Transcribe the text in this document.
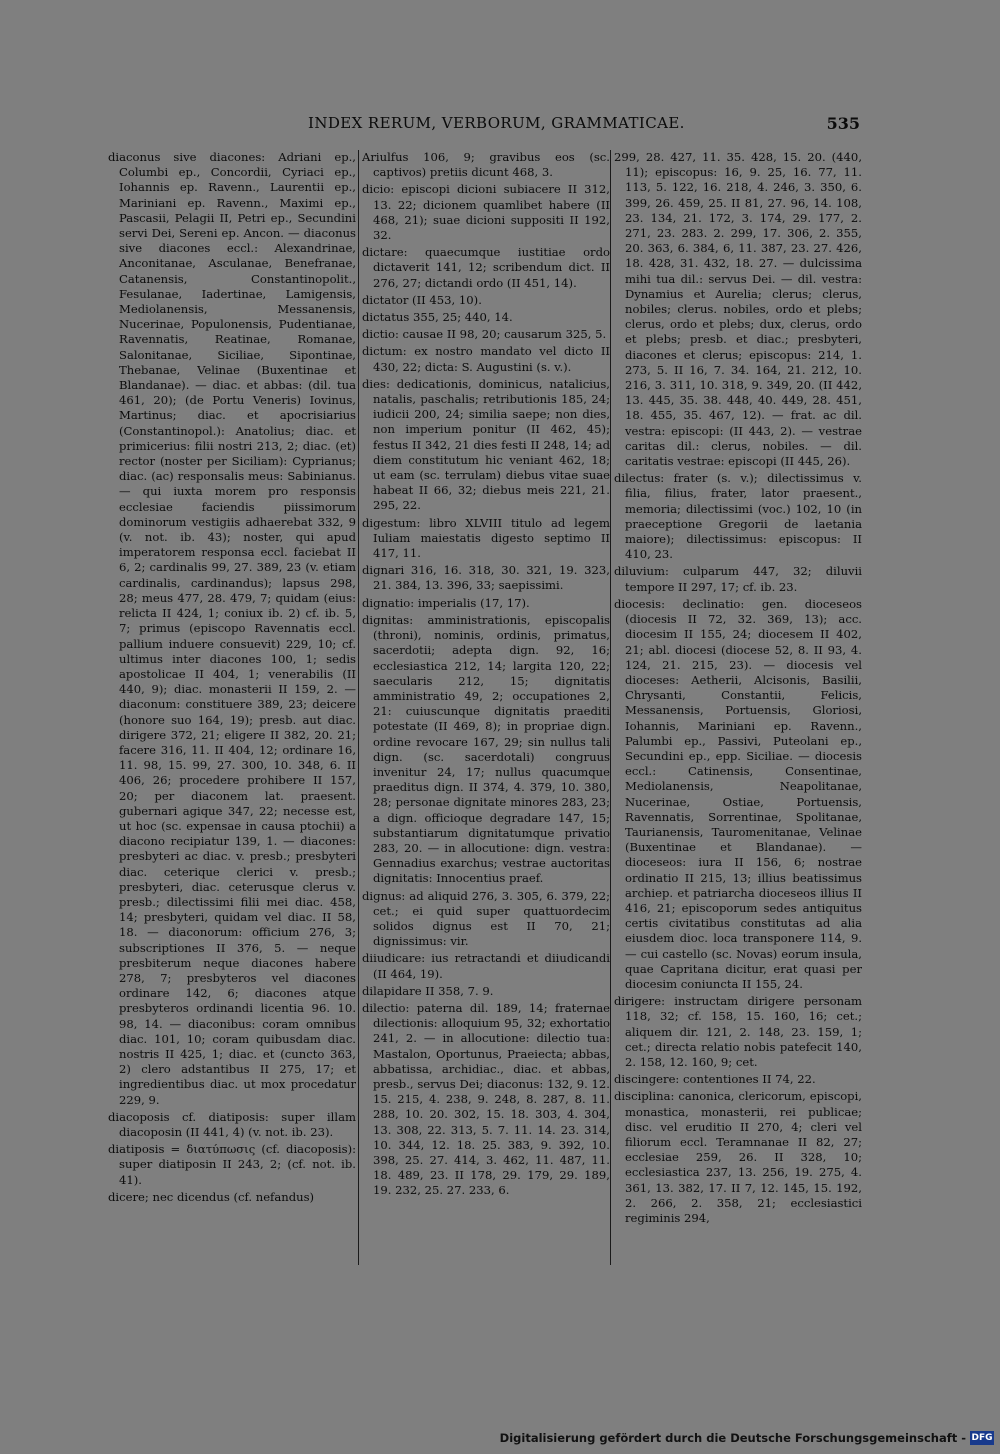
INDEX RERUM, VERBORUM, GRAMMATICAE.	535

diaconus sive diacones: Adriani ep., Columbi ep., Concordii, Cyriaci ep., Iohannis ep. Ravenn., Laurentii ep., Mariniani ep. Ravenn., Maximi ep., Pascasii, Pelagii II, Petri ep., Secundini servi Dei, Sereni ep. Ancon. — diaconus sive diacones eccl.: Alexandrinae, Anconitanae, Asculanae, Benefranae, Catanensis, Constantinopolit., Fesulanae, Iadertinae, Lamigensis, Mediolanensis, Messanensis, Nucerinae, Populonensis, Pudentianae, Ravennatis, Reatinae, Romanae, Salonitanae, Siciliae, Sipontinae, Thebanae, Velinae (Buxentinae et Blandanae). — diac. et abbas: (dil. tua 461, 20); (de Portu Veneris) Iovinus, Martinus; diac. et apocrisiarius (Constantinopol.): Anatolius; diac. et primicerius: filii nostri 213, 2; diac. (et) rector (noster per Siciliam): Cyprianus; diac. (ac) responsalis meus: Sabinianus. — qui iuxta morem pro responsis ecclesiae faciendis piissimorum dominorum vestigiis adhaerebat 332, 9 (v. not. ib. 43); noster, qui apud imperatorem responsa eccl. faciebat II 6, 2; cardinalis 99, 27. 389, 23 (v. etiam cardinalis, cardinandus); lapsus 298, 28; meus 477, 28. 479, 7; quidam (eius: relicta II 424, 1; coniux ib. 2) cf. ib. 5, 7; primus (episcopo Ravennatis eccl. pallium induere consuevit) 229, 10; cf. ultimus inter diacones 100, 1; sedis apostolicae II 404, 1; venerabilis (II 440, 9); diac. monasterii II 159, 2. — diaconum: constituere 389, 23; deicere (honore suo 164, 19); presb. aut diac. dirigere 372, 21; eligere II 382, 20. 21; facere 316, 11. II 404, 12; ordinare 16, 11. 98, 15. 99, 27. 300, 10. 348, 6. II 406, 26; procedere prohibere II 157, 20; per diaconem lat. praesent. gubernari agique 347, 22; necesse est, ut hoc (sc. expensae in causa ptochii) a diacono recipiatur 139, 1. — diacones: presbyteri ac diac. v. presb.; presbyteri diac. ceterique clerici v. presb.; presbyteri, diac. ceterusque clerus v. presb.; dilectissimi filii mei diac. 458, 14; presbyteri, quidam vel diac. II 58, 18. — diaconorum: officium 276, 3; subscriptiones II 376, 5. — neque presbiterum neque diacones habere 278, 7; presbyteros vel diacones ordinare 142, 6; diacones atque presbyteros ordinandi licentia 96. 10. 98, 14. — diaconibus: coram omnibus diac. 101, 10; coram quibusdam diac. nostris II 425, 1; diac. et (cuncto 363, 2) clero adstantibus II 275, 17; et ingredientibus diac. ut mox procedatur 229, 9.

diacoposis cf. diatiposis: super illam diacoposin (II 441, 4) (v. not. ib. 23).

diatiposis = διατύπωσις (cf. diacoposis): super diatiposin II 243, 2; (cf. not. ib. 41).

dicere; nec dicendus (cf. nefandus)

Ariulfus 106, 9; gravibus eos (sc. captivos) pretiis dicunt 468, 3.

dicio: episcopi dicioni subiacere II 312, 13. 22; dicionem quamlibet habere (II 468, 21); suae dicioni suppositi II 192, 32.

dictare: quaecumque iustitiae ordo dictaverit 141, 12; scribendum dict. II 276, 27; dictandi ordo (II 451, 14).

dictator (II 453, 10).

dictatus 355, 25; 440, 14.

dictio: causae II 98, 20; causarum 325, 5.

dictum: ex nostro mandato vel dicto II 430, 22; dicta: S. Augustini (s. v.).

dies: dedicationis, dominicus, natalicius, natalis, paschalis; retributionis 185, 24; iudicii 200, 24; similia saepe; non dies, non imperium ponitur (II 462, 45); festus II 342, 21 dies festi II 248, 14; ad diem constitutum hic veniant 462, 18; ut eam (sc. terrulam) diebus vitae suae habeat II 66, 32; diebus meis 221, 21. 295, 22.

digestum: libro XLVIII titulo ad legem Iuliam maiestatis digesto septimo II 417, 11.

dignari 316, 16. 318, 30. 321, 19. 323, 21. 384, 13. 396, 33; saepissimi.

dignatio: imperialis (17, 17).

dignitas: amministrationis, episcopalis (throni), nominis, ordinis, primatus, sacerdotii; adepta dign. 92, 16; ecclesiastica 212, 14; largita 120, 22; saecularis 212, 15; dignitatis amministratio 49, 2; occupationes 2, 21: cuiuscunque dignitatis praediti potestate (II 469, 8); in propriae dign. ordine revocare 167, 29; sin nullus tali dign. (sc. sacerdotali) congruus invenitur 24, 17; nullus quacumque praeditus dign. II 374, 4. 379, 10. 380, 28; personae dignitate minores 283, 23; a dign. officioque degradare 147, 15; substantiarum dignitatumque privatio 283, 20. — in allocutione: dign. vestra: Gennadius exarchus; vestrae auctoritas dignitatis: Innocentius praef.

dignus: ad aliquid 276, 3. 305, 6. 379, 22; cet.; ei quid super quattuordecim solidos dignus est II 70, 21; dignissimus: vir.

diiudicare: ius retractandi et diiudicandi (II 464, 19).

dilapidare II 358, 7. 9.

dilectio: paterna dil. 189, 14; fraternae dilectionis: alloquium 95, 32; exhortatio 241, 2. — in allocutione: dilectio tua: Mastalon, Oportunus, Praeiecta; abbas, abbatissa, archidiac., diac. et abbas, presb., servus Dei; diaconus: 132, 9. 12. 15. 215, 4. 238, 9. 248, 8. 287, 8. 11. 288, 10. 20. 302, 15. 18. 303, 4. 304, 13. 308, 22. 313, 5. 7. 11. 14. 23. 314, 10. 344, 12. 18. 25. 383, 9. 392, 10. 398, 25. 27. 414, 3. 462, 11. 487, 11. 18. 489, 23. II 178, 29. 179, 29. 189, 19. 232, 25. 27. 233, 6.

299, 28. 427, 11. 35. 428, 15. 20. (440, 11); episcopus: 16, 9. 25, 16. 77, 11. 113, 5. 122, 16. 218, 4. 246, 3. 350, 6. 399, 26. 459, 25. II 81, 27. 96, 14. 108, 23. 134, 21. 172, 3. 174, 29. 177, 2. 271, 23. 283. 2. 299, 17. 306, 2. 355, 20. 363, 6. 384, 6, 11. 387, 23. 27. 426, 18. 428, 31. 432, 18. 27. — dulcissima mihi tua dil.: servus Dei. — dil. vestra: Dynamius et Aurelia; clerus; clerus, nobiles; clerus. nobiles, ordo et plebs; clerus, ordo et plebs; dux, clerus, ordo et plebs; presb. et diac.; presbyteri, diacones et clerus; episcopus: 214, 1. 273, 5. II 16, 7. 34. 164, 21. 212, 10. 216, 3. 311, 10. 318, 9. 349, 20. (II 442, 13. 445, 35. 38. 448, 40. 449, 28. 451, 18. 455, 35. 467, 12). — frat. ac dil. vestra: episcopi: (II 443, 2). — vestrae caritas dil.: clerus, nobiles. — dil. caritatis vestrae: episcopi (II 445, 26).

dilectus: frater (s. v.); dilectissimus v. filia, filius, frater, lator praesent., memoria; dilectissimi (voc.) 102, 10 (in praeceptione Gregorii de laetania maiore); dilectissimus: episcopus: II 410, 23.

diluvium: culparum 447, 32; diluvii tempore II 297, 17; cf. ib. 23.

diocesis: declinatio: gen. dioceseos (diocesis II 72, 32. 369, 13); acc. diocesim II 155, 24; diocesem II 402, 21; abl. diocesi (diocese 52, 8. II 93, 4. 124, 21. 215, 23). — diocesis vel dioceses: Aetherii, Alcisonis, Basilii, Chrysanti, Constantii, Felicis, Messanensis, Portuensis, Gloriosi, Iohannis, Mariniani ep. Ravenn., Palumbi ep., Passivi, Puteolani ep., Secundini ep., epp. Siciliae. — diocesis eccl.: Catinensis, Consentinae, Mediolanensis, Neapolitanae, Nucerinae, Ostiae, Portuensis, Ravennatis, Sorrentinae, Spolitanae, Taurianensis, Tauromenitanae, Velinae (Buxentinae et Blandanae). — dioceseos: iura II 156, 6; nostrae ordinatio II 215, 13; illius beatissimus archiep. et patriarcha dioceseos illius II 416, 21; episcoporum sedes antiquitus certis civitatibus constitutas ad alia eiusdem dioc. loca transponere 114, 9. — cui castello (sc. Novas) eorum insula, quae Capritana dicitur, erat quasi per diocesim coniuncta II 155, 24.

dirigere: instructam dirigere personam 118, 32; cf. 158, 15. 160, 16; cet.; aliquem dir. 121, 2. 148, 23. 159, 1; cet.; directa relatio nobis patefecit 140, 2. 158, 12. 160, 9; cet.

discingere: contentiones II 74, 22.

disciplina: canonica, clericorum, episcopi, monastica, monasterii, rei publicae; disc. vel eruditio II 270, 4; cleri vel filiorum eccl. Teramnanae II 82, 27; ecclesiae 259, 26. II 328, 10; ecclesiastica 237, 13. 256, 19. 275, 4. 361, 13. 382, 17. II 7, 12. 145, 15. 192, 2. 266, 2. 358, 21; ecclesiastici regiminis 294,

Digitalisierung gefördert durch die Deutsche Forschungsgemeinschaft - DFG
